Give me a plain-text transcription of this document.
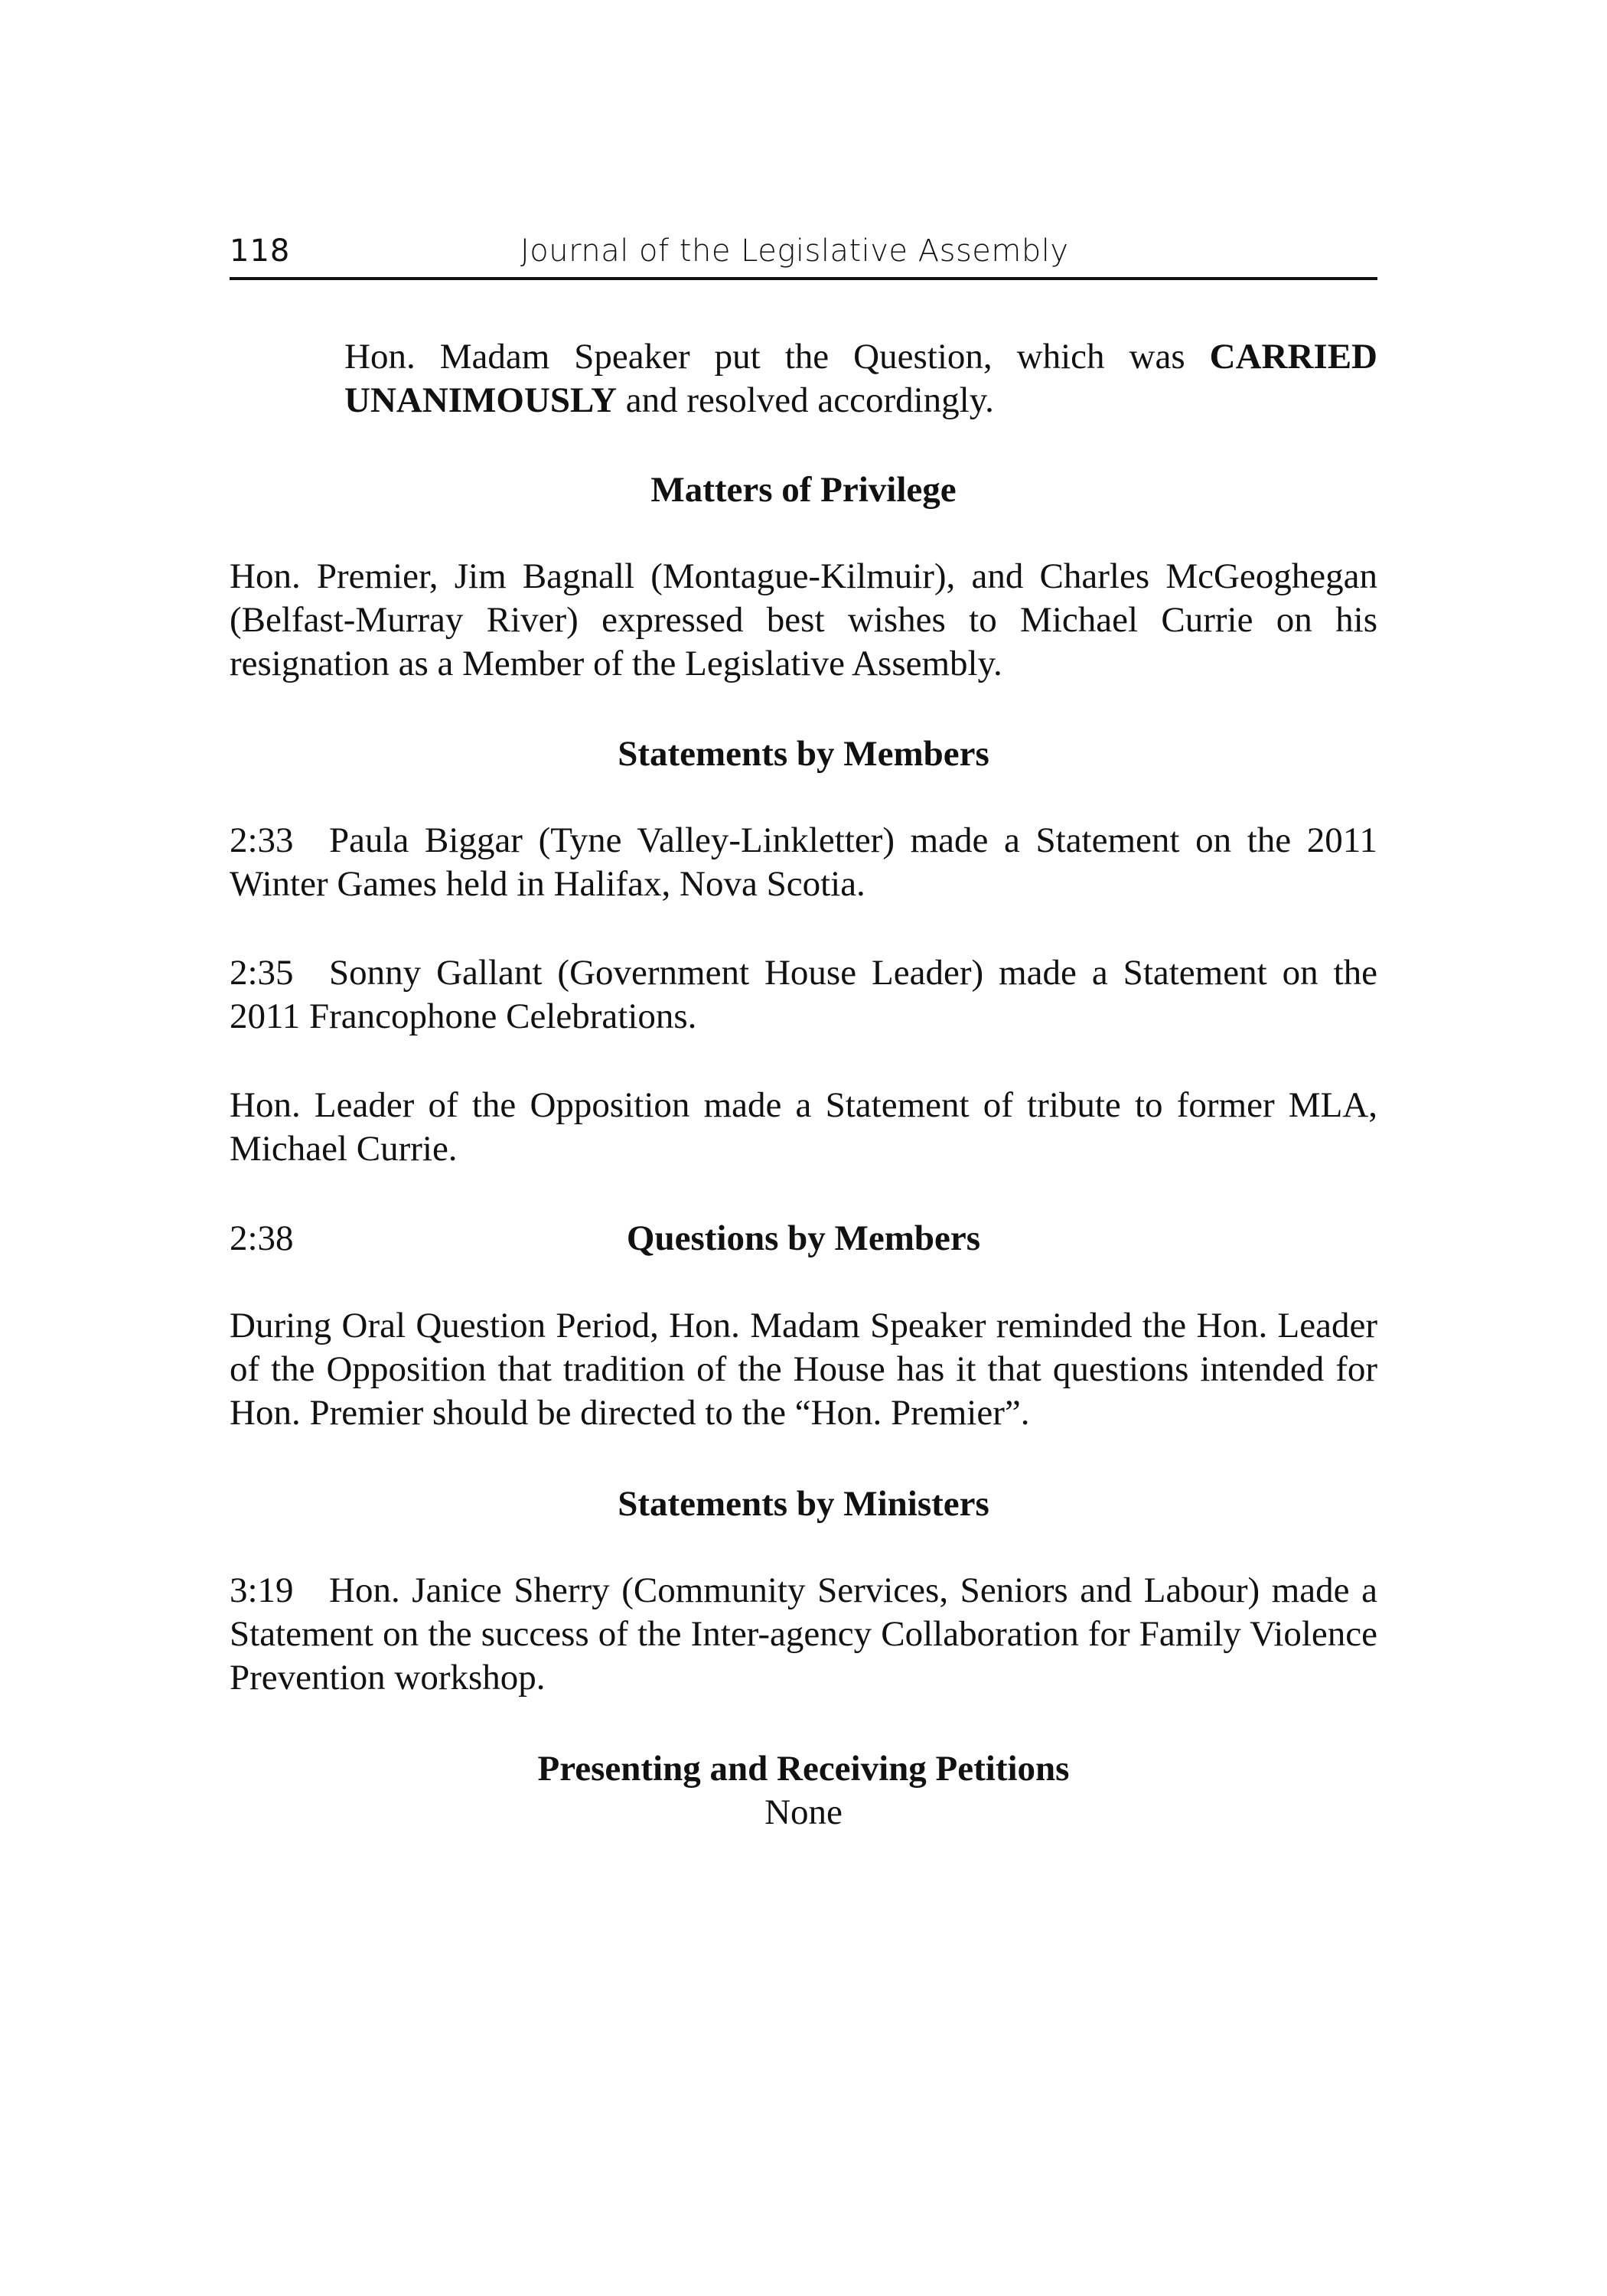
118	Journal of the Legislative Assembly

Hon. Madam Speaker put the Question, which was CARRIED UNANIMOUSLY and resolved accordingly.

Matters of Privilege

Hon. Premier, Jim Bagnall (Montague-Kilmuir), and Charles McGeoghegan (Belfast-Murray River) expressed best wishes to Michael Currie on his resignation as a Member of the Legislative Assembly.

Statements by Members

2:33 Paula Biggar (Tyne Valley-Linkletter) made a Statement on the 2011 Winter Games held in Halifax, Nova Scotia.

2:35 Sonny Gallant (Government House Leader) made a Statement on the 2011 Francophone Celebrations.

Hon. Leader of the Opposition made a Statement of tribute to former MLA, Michael Currie.

2:38	Questions by Members

During Oral Question Period, Hon. Madam Speaker reminded the Hon. Leader of the Opposition that tradition of the House has it that questions intended for Hon. Premier should be directed to the “Hon. Premier”.

Statements by Ministers

3:19 Hon. Janice Sherry (Community Services, Seniors and Labour) made a Statement on the success of the Inter-agency Collaboration for Family Violence Prevention workshop.

Presenting and Receiving Petitions

None
